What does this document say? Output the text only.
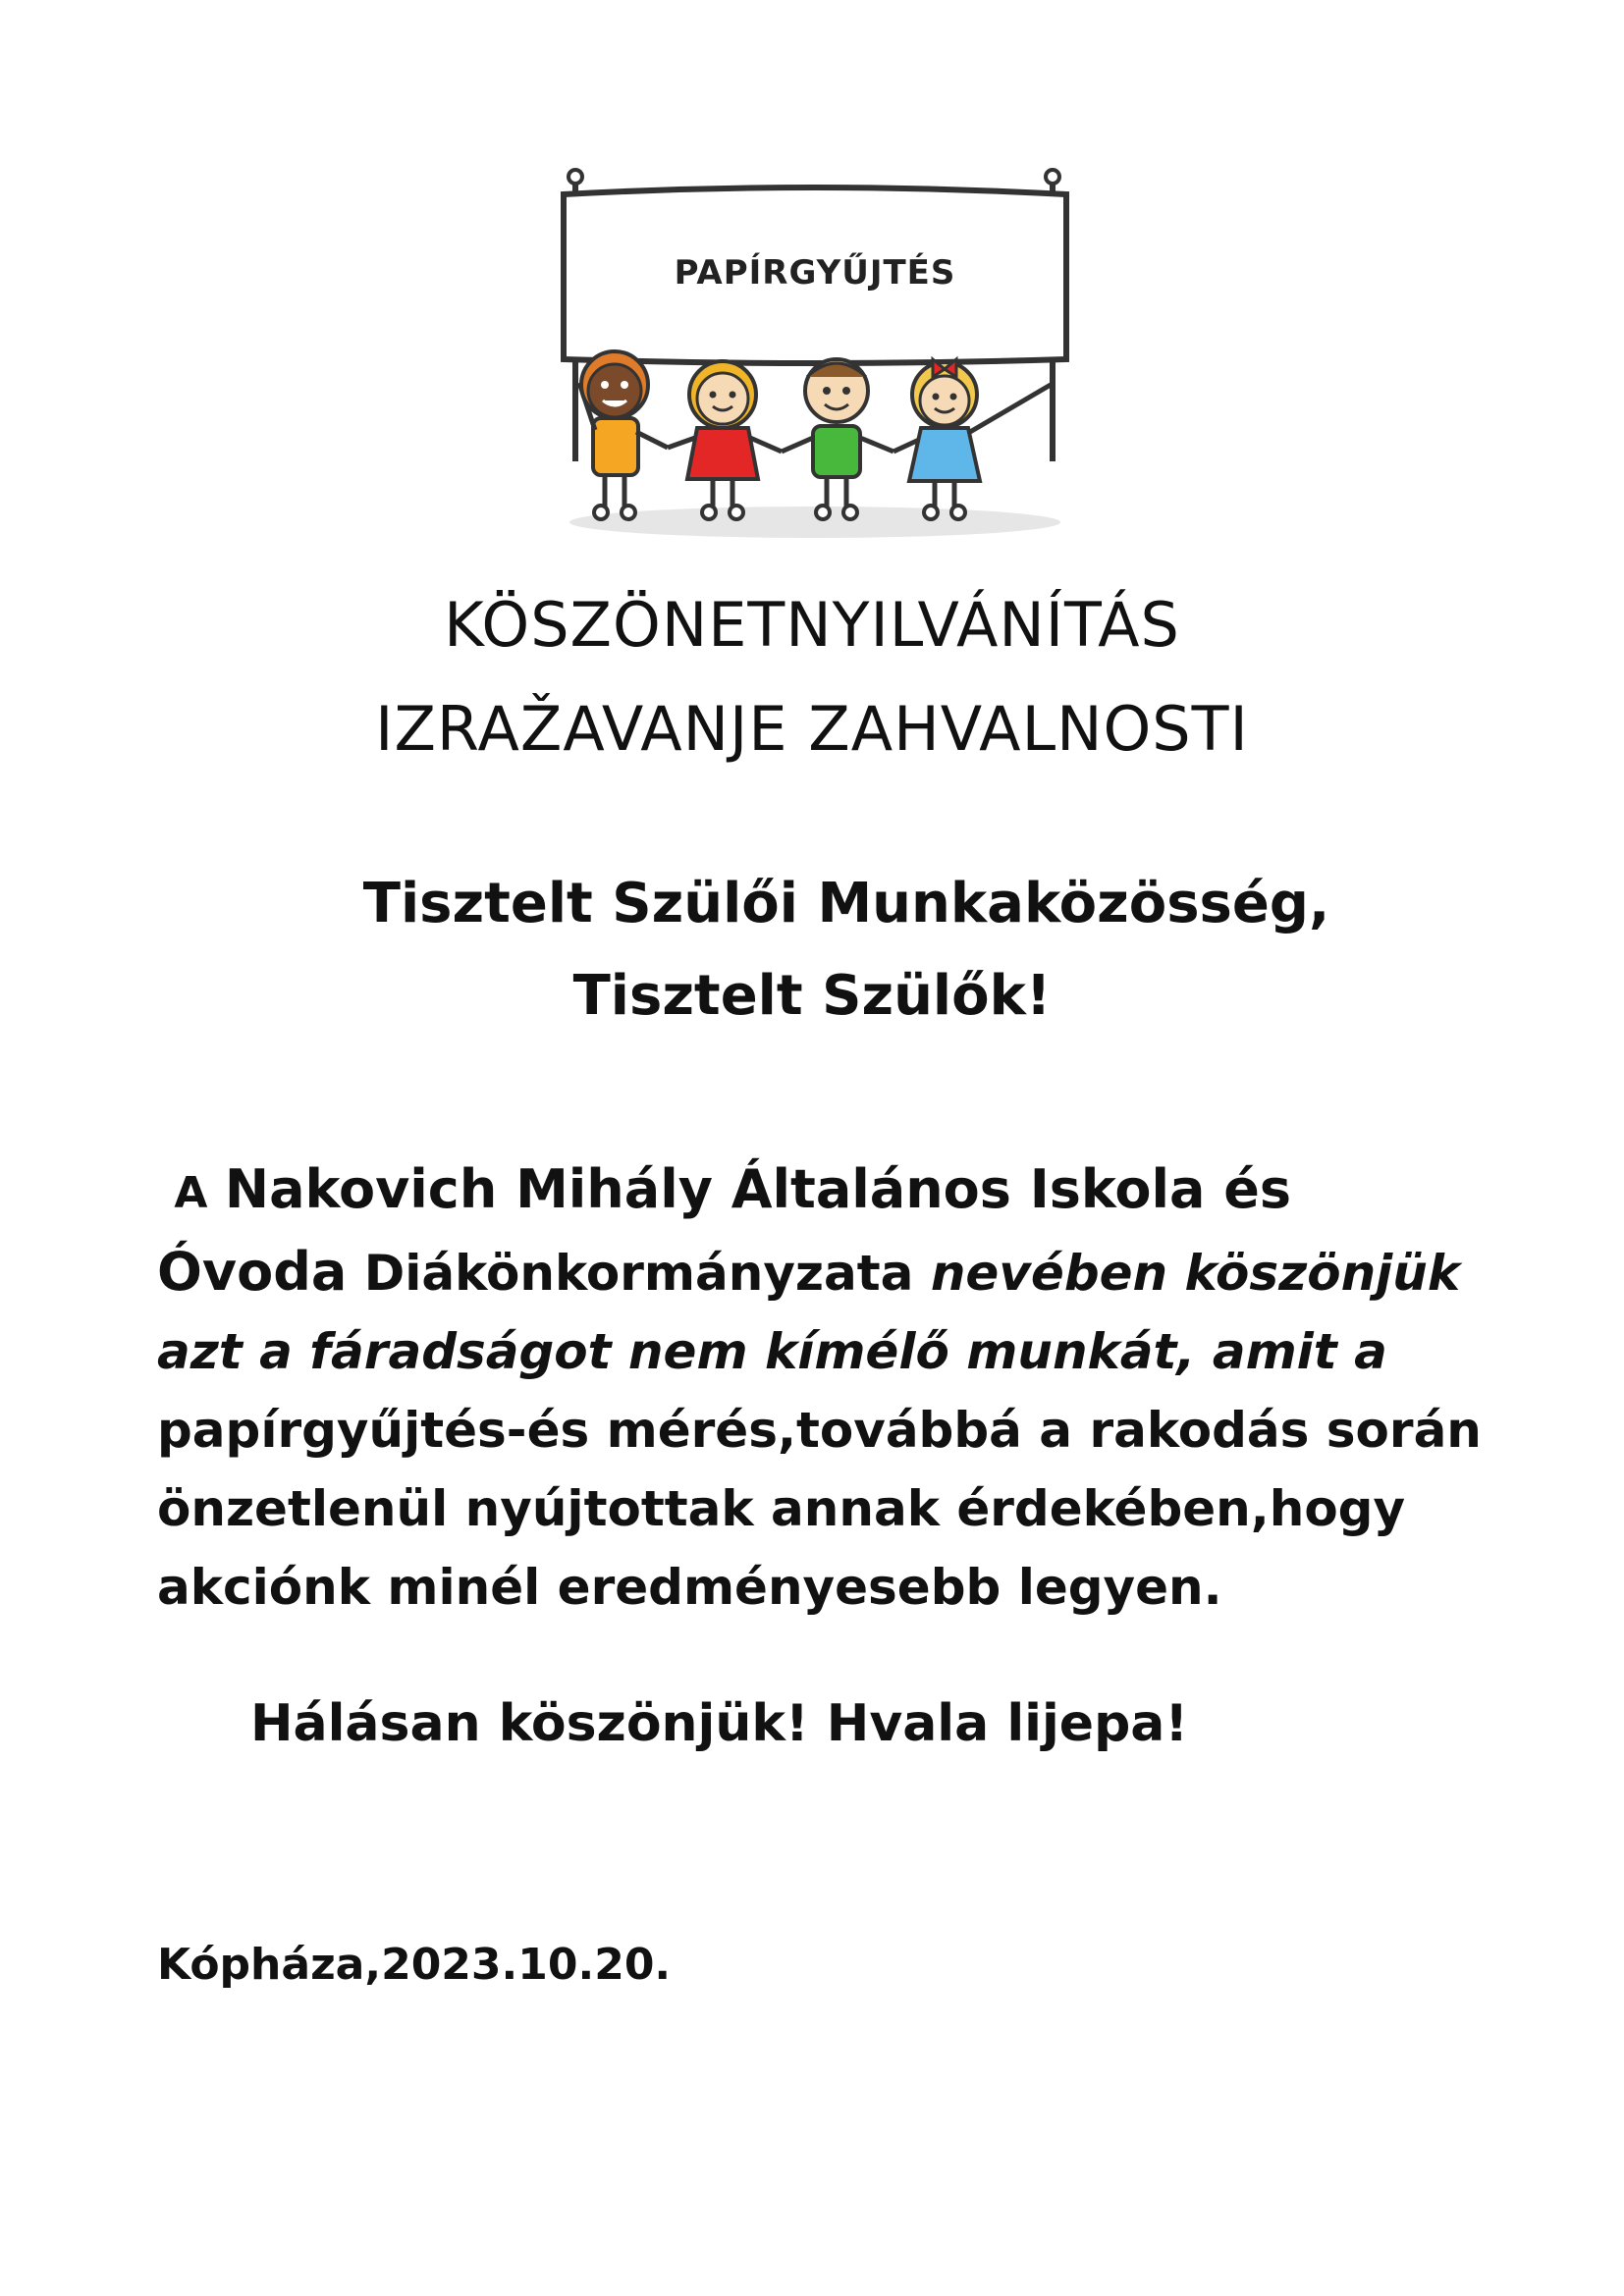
PAPÍRGYŰJTÉS
KÖSZÖNETNYILVÁNÍTÁS
IZRAŽAVANJE ZAHVALNOSTI
Tisztelt Szülői Munkaközösség,
Tisztelt Szülők!

A Nakovich Mihály Általános Iskola és
Óvoda Diákönkormányzata nevében köszönjük azt a fáradságot nem kímélő munkát, amit a papírgyűjtés-és mérés,továbbá a rakodás során önzetlenül nyújtottak annak érdekében,hogy akciónk minél eredményesebb legyen.

Hálásan köszönjük! Hvala lijepa!

Kópháza,2023.10.20.
